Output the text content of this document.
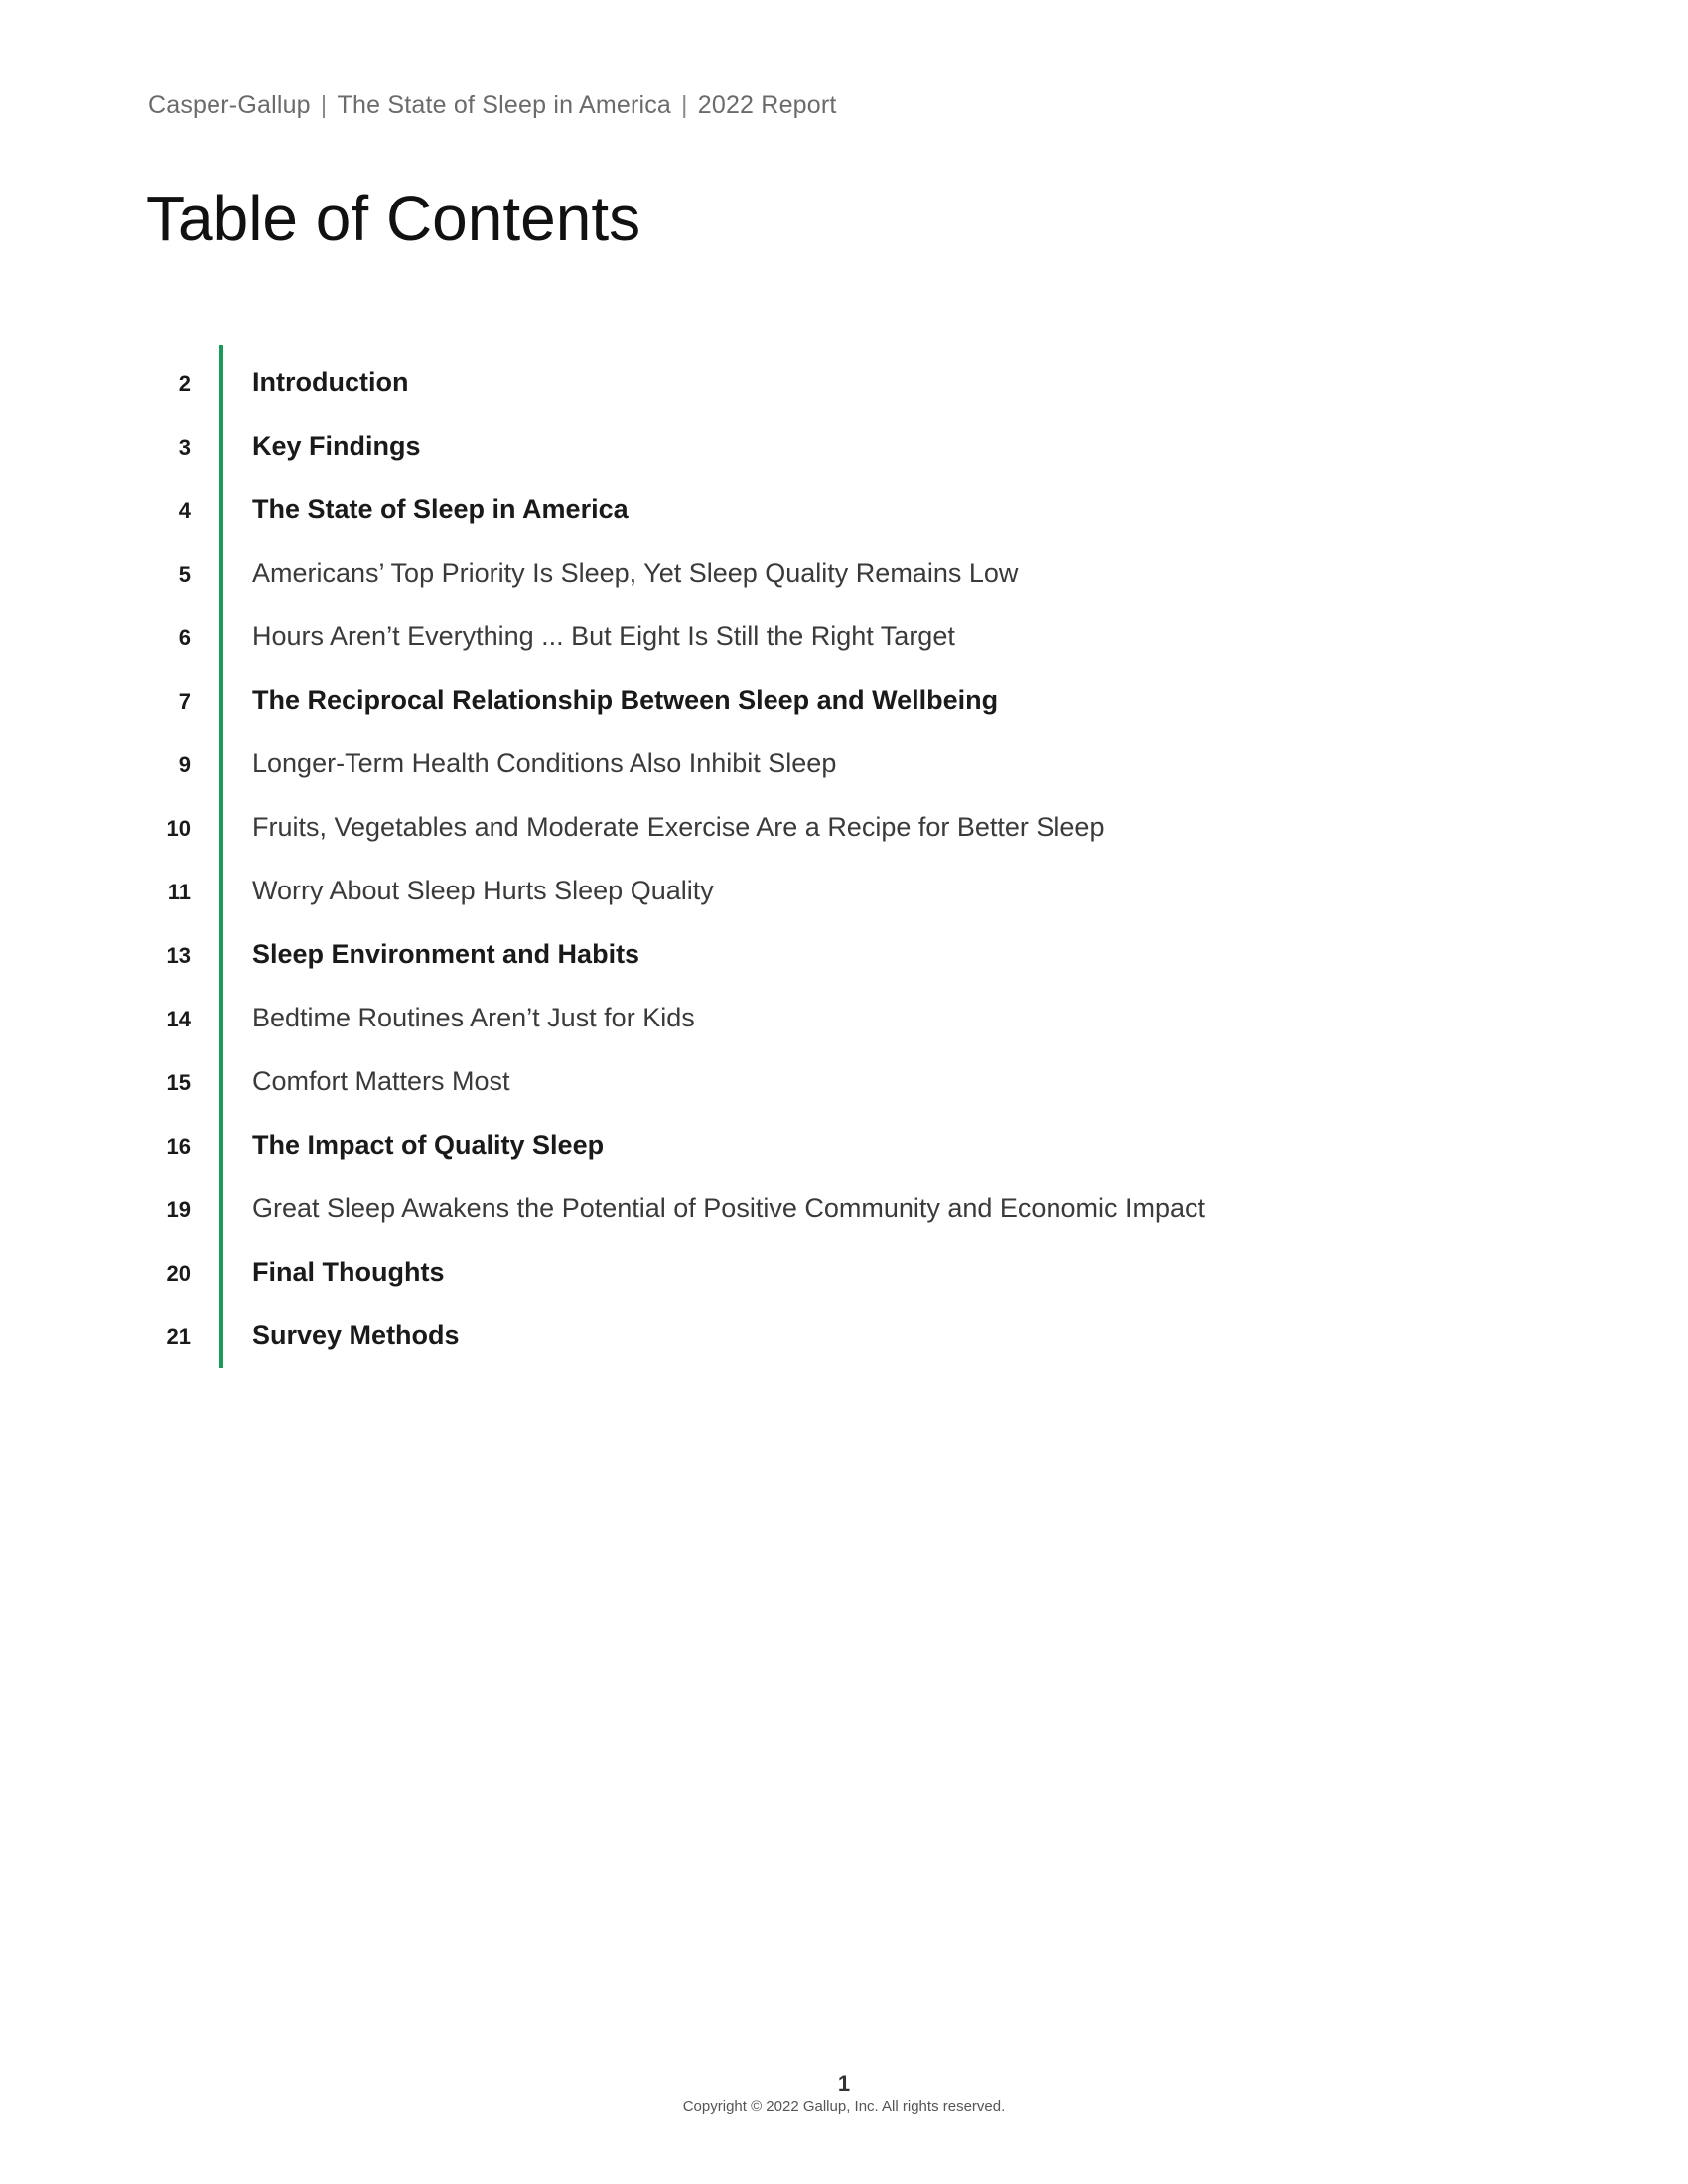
Casper-Gallup | The State of Sleep in America | 2022 Report
Table of Contents
2 Introduction
3 Key Findings
4 The State of Sleep in America
5 Americans’ Top Priority Is Sleep, Yet Sleep Quality Remains Low
6 Hours Aren’t Everything ... But Eight Is Still the Right Target
7 The Reciprocal Relationship Between Sleep and Wellbeing
9 Longer-Term Health Conditions Also Inhibit Sleep
10 Fruits, Vegetables and Moderate Exercise Are a Recipe for Better Sleep
11 Worry About Sleep Hurts Sleep Quality
13 Sleep Environment and Habits
14 Bedtime Routines Aren’t Just for Kids
15 Comfort Matters Most
16 The Impact of Quality Sleep
19 Great Sleep Awakens the Potential of Positive Community and Economic Impact
20 Final Thoughts
21 Survey Methods
1
Copyright © 2022 Gallup, Inc. All rights reserved.
